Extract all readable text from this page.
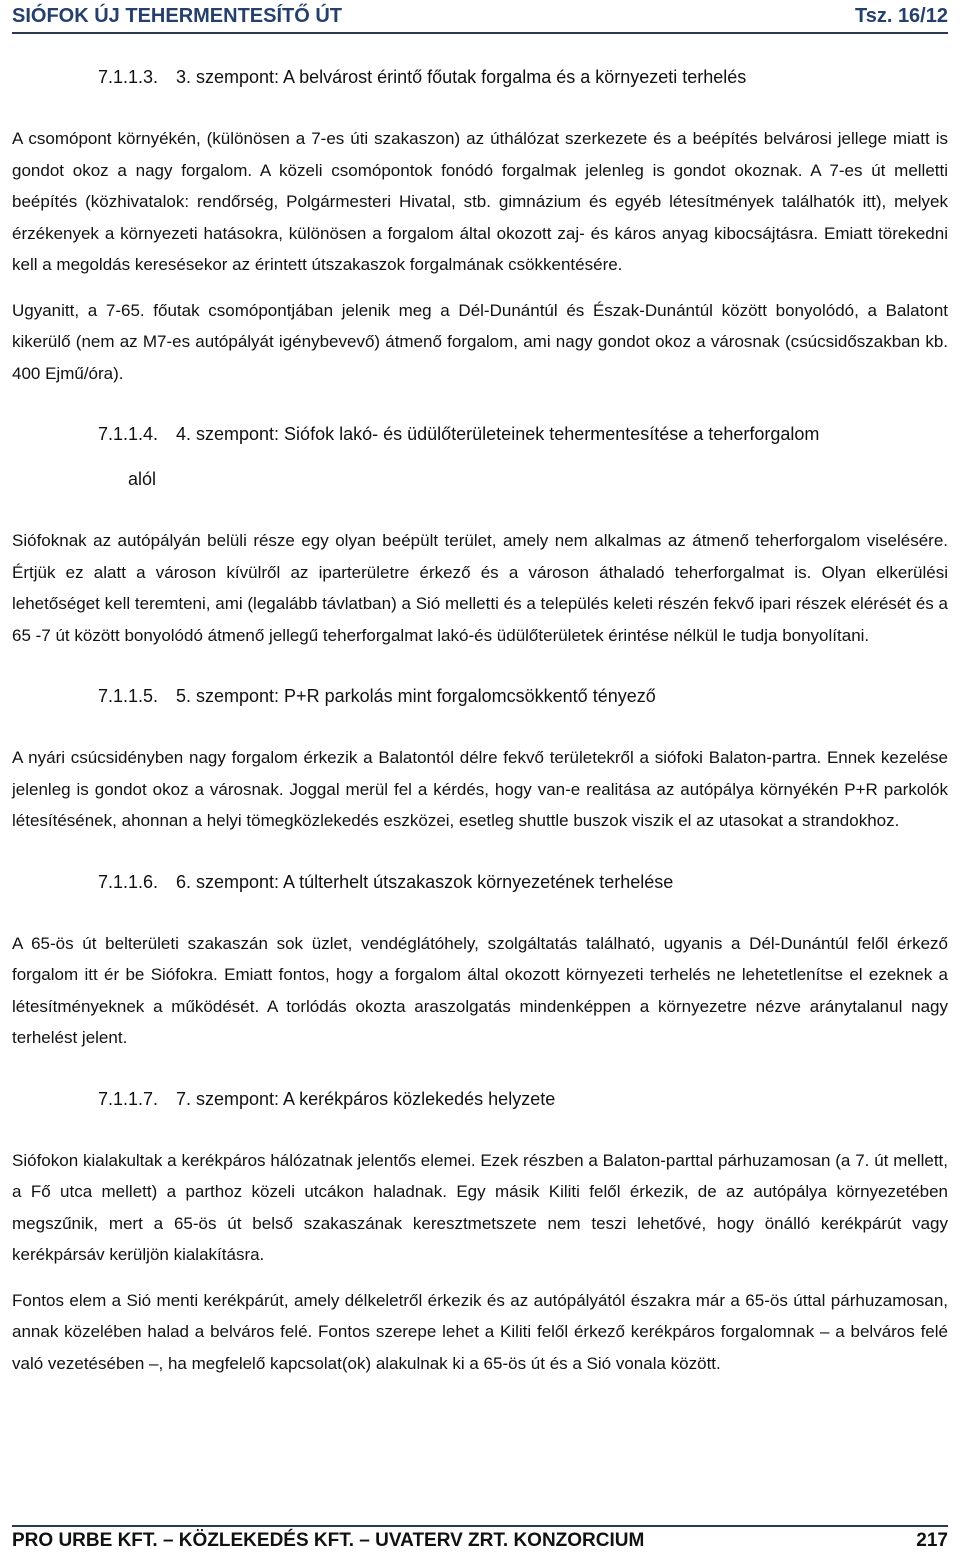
SIÓFOK ÚJ TEHERMENTESÍTŐ ÚT	Tsz. 16/12
7.1.1.3. 3. szempont: A belvárost érintő főutak forgalma és a környezeti terhelés

A csomópont környékén, (különösen a 7-es úti szakaszon) az úthálózat szerkezete és a beépítés belvárosi jellege miatt is gondot okoz a nagy forgalom. A közeli csomópontok fonódó forgalmak jelenleg is gondot okoznak. A 7-es út melletti beépítés (közhivatalok: rendőrség, Polgármesteri Hivatal, stb. gimnázium és egyéb létesítmények találhatók itt), melyek érzékenyek a környezeti hatásokra, különösen a forgalom által okozott zaj- és káros anyag kibocsájtásra. Emiatt törekedni kell a megoldás keresésekor az érintett útszakaszok forgalmának csökkentésére.

Ugyanitt, a 7-65. főutak csomópontjában jelenik meg a Dél-Dunántúl és Észak-Dunántúl között bonyolódó, a Balatont kikerülő (nem az M7-es autópályát igénybevevő) átmenő forgalom, ami nagy gondot okoz a városnak (csúcsidőszakban kb. 400 Ejmű/óra).

7.1.1.4. 4. szempont: Siófok lakó- és üdülőterületeinek tehermentesítése a teherforgalom
alól

Siófoknak az autópályán belüli része egy olyan beépült terület, amely nem alkalmas az átmenő teherforgalom viselésére. Értjük ez alatt a városon kívülről az iparterületre érkező és a városon áthaladó teherforgalmat is. Olyan elkerülési lehetőséget kell teremteni, ami (legalább távlatban) a Sió melletti és a település keleti részén fekvő ipari részek elérését és a 65 -7 út között bonyolódó átmenő jellegű teherforgalmat lakó-és üdülőterületek érintése nélkül le tudja bonyolítani.

7.1.1.5. 5. szempont: P+R parkolás mint forgalomcsökkentő tényező

A nyári csúcsidényben nagy forgalom érkezik a Balatontól délre fekvő területekről a siófoki Balaton-partra. Ennek kezelése jelenleg is gondot okoz a városnak. Joggal merül fel a kérdés, hogy van-e realitása az autópálya környékén P+R parkolók létesítésének, ahonnan a helyi tömegközlekedés eszközei, esetleg shuttle buszok viszik el az utasokat a strandokhoz.

7.1.1.6. 6. szempont: A túlterhelt útszakaszok környezetének terhelése

A 65-ös út belterületi szakaszán sok üzlet, vendéglátóhely, szolgáltatás található, ugyanis a Dél-Dunántúl felől érkező forgalom itt ér be Siófokra. Emiatt fontos, hogy a forgalom által okozott környezeti terhelés ne lehetetlenítse el ezeknek a létesítményeknek a működését. A torlódás okozta araszolgatás mindenképpen a környezetre nézve aránytalanul nagy terhelést jelent.

7.1.1.7. 7. szempont: A kerékpáros közlekedés helyzete

Siófokon kialakultak a kerékpáros hálózatnak jelentős elemei. Ezek részben a Balaton-parttal párhuzamosan (a 7. út mellett, a Fő utca mellett) a parthoz közeli utcákon haladnak. Egy másik Kiliti felől érkezik, de az autópálya környezetében megszűnik, mert a 65-ös út belső szakaszának keresztmetszete nem teszi lehetővé, hogy önálló kerékpárút vagy kerékpársáv kerüljön kialakításra.

Fontos elem a Sió menti kerékpárút, amely délkeletről érkezik és az autópályától északra már a 65-ös úttal párhuzamosan, annak közelében halad a belváros felé. Fontos szerepe lehet a Kiliti felől érkező kerékpáros forgalomnak – a belváros felé való vezetésében –, ha megfelelő kapcsolat(ok) alakulnak ki a 65-ös út és a Sió vonala között.

PRO URBE KFT. – KÖZLEKEDÉS KFT. – UVATERV ZRT. KONZORCIUM	217
